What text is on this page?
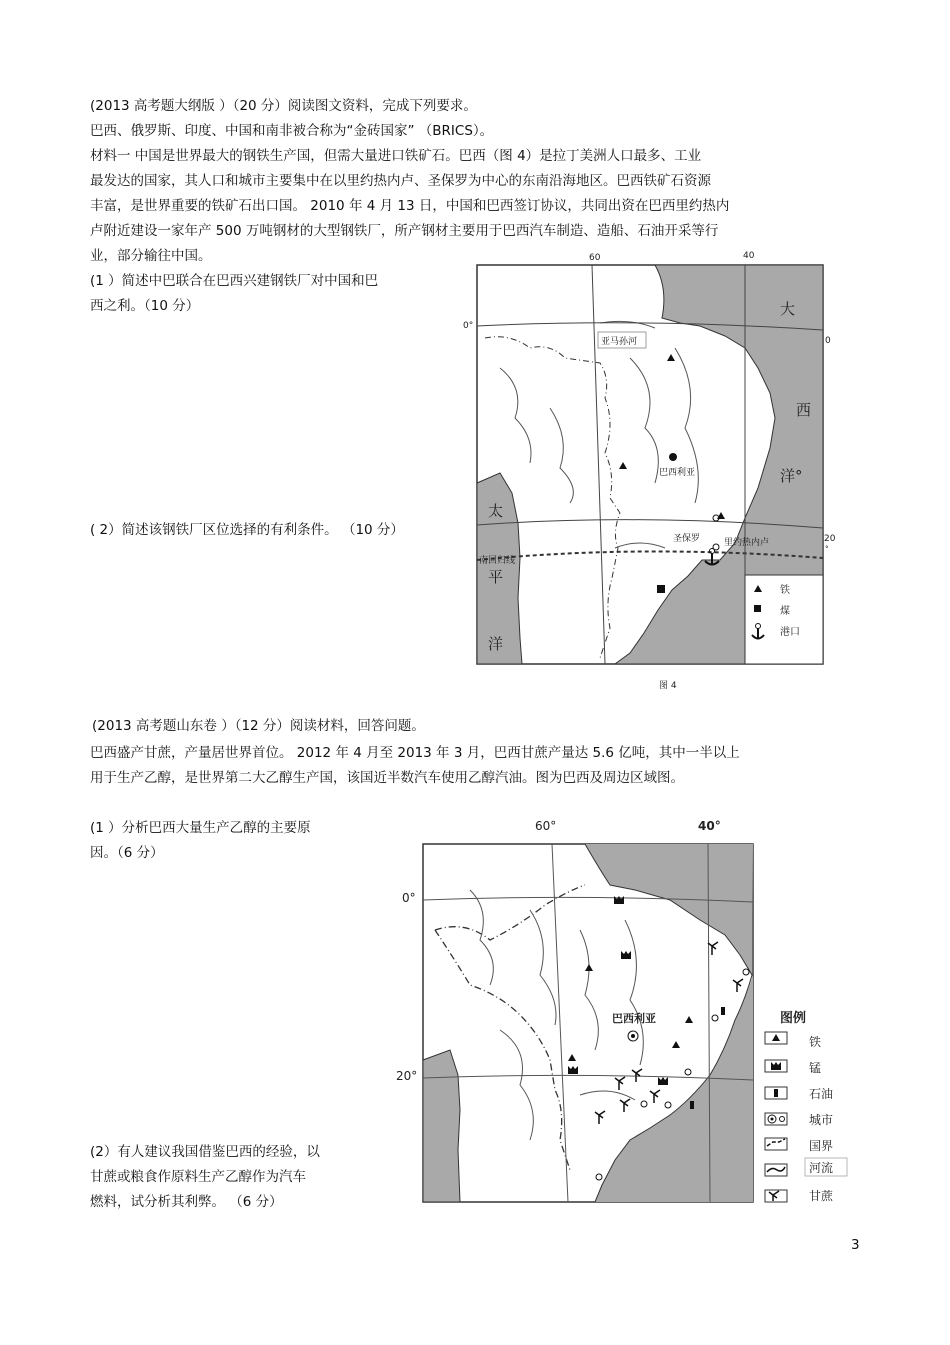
(2013 高考题大纲版 ）（20 分）阅读图文资料，完成下列要求。
巴西、俄罗斯、印度、中国和南非被合称为“金砖国家” （BRICS）。
材料一 中国是世界最大的钢铁生产国，但需大量进口铁矿石。巴西（图 4）是拉丁美洲人口最多、工业
最发达的国家，其人口和城市主要集中在以里约热内卢、圣保罗为中心的东南沿海地区。巴西铁矿石资源
丰富，是世界重要的铁矿石出口国。 2010 年 4 月 13 日，中国和巴西签订协议，共同出资在巴西里约热内
卢附近建设一家年产 500 万吨钢材的大型钢铁厂，所产钢材主要用于巴西汽车制造、造船、石油开采等行
业，部分输往中国。
(1 ）简述中巴联合在巴西兴建钢铁厂对中国和巴
西之利。（10 分）
( 2）简述该钢铁厂区位选择的有利条件。 （10 分）
铁
煤
港口
60	40
0°
0
20
°
亚马孙河
巴西利亚
圣保罗	里约热内卢
南回归线
大
西
洋°
太
平
洋
图 4
(2013 高考题山东卷 ）（12 分）阅读材料，回答问题。
巴西盛产甘蔗，产量居世界首位。 2012 年 4 月至 2013 年 3 月，巴西甘蔗产量达 5.6 亿吨，其中一半以上
用于生产乙醇，是世界第二大乙醇生产国，该国近半数汽车使用乙醇汽油。图为巴西及周边区域图。
(1 ）分析巴西大量生产乙醇的主要原
因。（6 分）
(2）有人建议我国借鉴巴西的经验，以
甘蔗或粮食作原料生产乙醇作为汽车
燃料，试分析其利弊。 （6 分）
60°	40°
0°
20°
巴西利亚	图例
铁
锰
石油
城市
国界
河流
甘蔗
3
